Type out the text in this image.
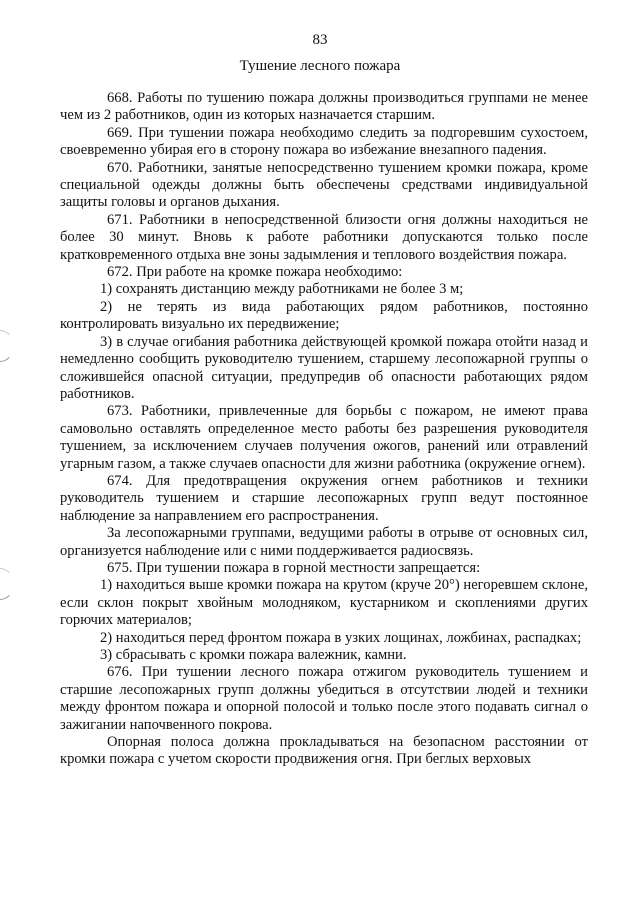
83
Тушение лесного пожара

668. Работы по тушению пожара должны производиться группами не менее чем из 2 работников, один из которых назначается старшим.

669. При тушении пожара необходимо следить за подгоревшим сухостоем, своевременно убирая его в сторону пожара во избежание внезапного падения.

670. Работники, занятые непосредственно тушением кромки пожара, кроме специальной одежды должны быть обеспечены средствами индивидуальной защиты головы и органов дыхания.

671. Работники в непосредственной близости огня должны находиться не более 30 минут. Вновь к работе работники допускаются только после кратковременного отдыха вне зоны задымления и теплового воздействия пожара.

672. При работе на кромке пожара необходимо:

1) сохранять дистанцию между работниками не более 3 м;

2) не терять из вида работающих рядом работников, постоянно контролировать визуально их передвижение;

3) в случае огибания работника действующей кромкой пожара отойти назад и немедленно сообщить руководителю тушением, старшему лесопожарной группы о сложившейся опасной ситуации, предупредив об опасности работающих рядом работников.

673. Работники, привлеченные для борьбы с пожаром, не имеют права самовольно оставлять определенное место работы без разрешения руководителя тушением, за исключением случаев получения ожогов, ранений или отравлений угарным газом, а также случаев опасности для жизни работника (окружение огнем).

674. Для предотвращения окружения огнем работников и техники руководитель тушением и старшие лесопожарных групп ведут постоянное наблюдение за направлением его распространения.

За лесопожарными группами, ведущими работы в отрыве от основных сил, организуется наблюдение или с ними поддерживается радиосвязь.

675. При тушении пожара в горной местности запрещается:

1) находиться выше кромки пожара на крутом (круче 20°) негоревшем склоне, если склон покрыт хвойным молодняком, кустарником и скоплениями других горючих материалов;

2) находиться перед фронтом пожара в узких лощинах, ложбинах, распадках;

3) сбрасывать с кромки пожара валежник, камни.

676. При тушении лесного пожара отжигом руководитель тушением и старшие лесопожарных групп должны убедиться в отсутствии людей и техники между фронтом пожара и опорной полосой и только после этого подавать сигнал о зажигании напочвенного покрова.

Опорная полоса должна прокладываться на безопасном расстоянии от кромки пожара с учетом скорости продвижения огня. При беглых верховых
